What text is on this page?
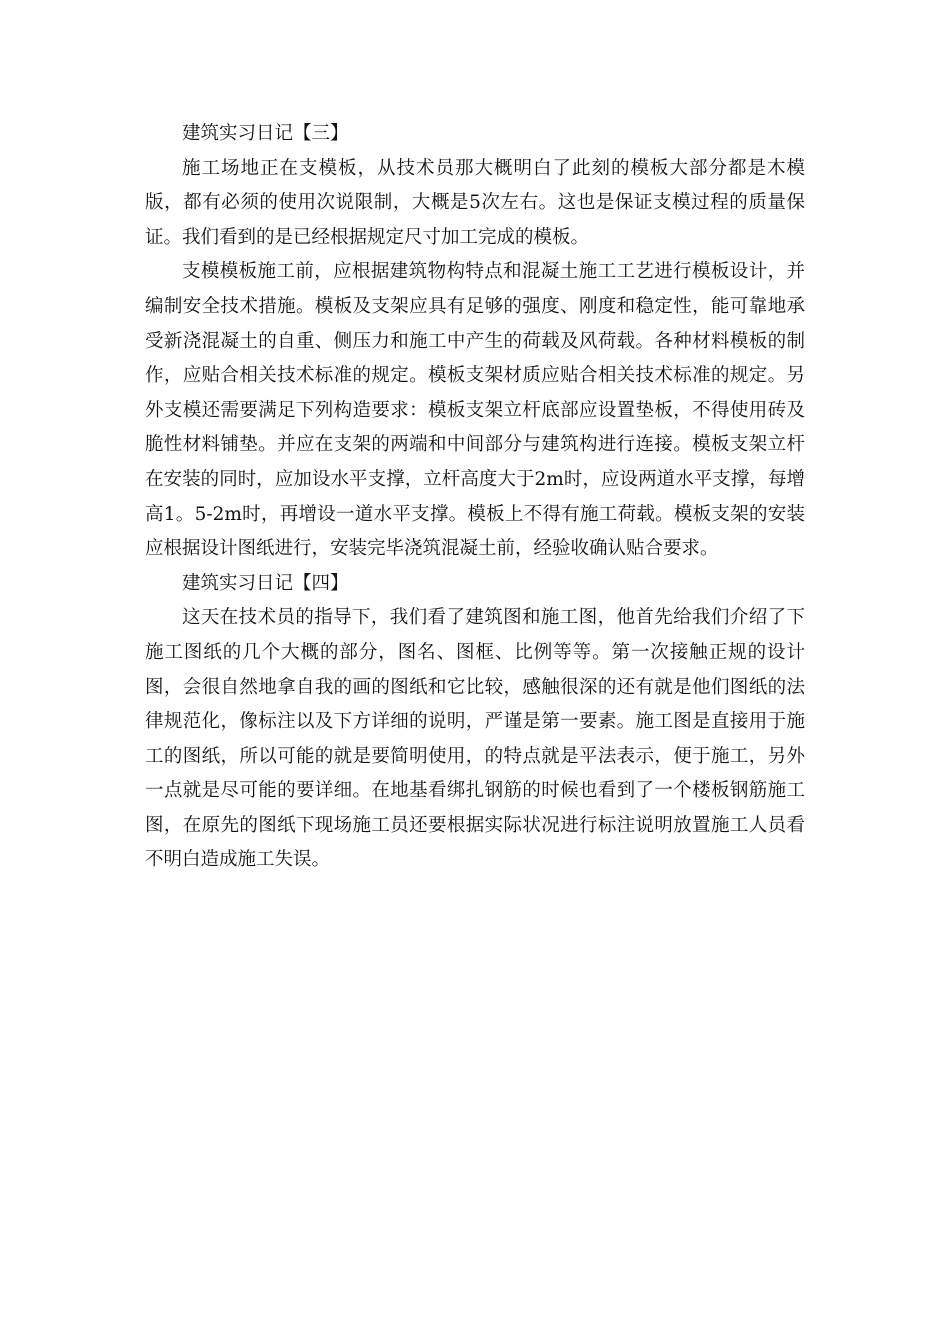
建筑实习日记【三】

施工场地正在支模板，从技术员那大概明白了此刻的模板大部分都是木模版，都有必须的使用次说限制，大概是5次左右。这也是保证支模过程的质量保证。我们看到的是已经根据规定尺寸加工完成的模板。

支模模板施工前，应根据建筑物构特点和混凝土施工工艺进行模板设计，并编制安全技术措施。模板及支架应具有足够的强度、刚度和稳定性，能可靠地承受新浇混凝土的自重、侧压力和施工中产生的荷载及风荷载。各种材料模板的制作，应贴合相关技术标准的规定。模板支架材质应贴合相关技术标准的规定。另外支模还需要满足下列构造要求：模板支架立杆底部应设置垫板，不得使用砖及脆性材料铺垫。并应在支架的两端和中间部分与建筑构进行连接。模板支架立杆在安装的同时，应加设水平支撑，立杆高度大于2m时，应设两道水平支撑，每增高1。5-2m时，再增设一道水平支撑。模板上不得有施工荷载。模板支架的安装应根据设计图纸进行，安装完毕浇筑混凝土前，经验收确认贴合要求。

建筑实习日记【四】

这天在技术员的指导下，我们看了建筑图和施工图，他首先给我们介绍了下施工图纸的几个大概的部分，图名、图框、比例等等。第一次接触正规的设计图，会很自然地拿自我的画的图纸和它比较，感触很深的还有就是他们图纸的法律规范化，像标注以及下方详细的说明，严谨是第一要素。施工图是直接用于施工的图纸，所以可能的就是要简明使用，的特点就是平法表示，便于施工，另外一点就是尽可能的要详细。在地基看绑扎钢筋的时候也看到了一个楼板钢筋施工图，在原先的图纸下现场施工员还要根据实际状况进行标注说明放置施工人员看不明白造成施工失误。
